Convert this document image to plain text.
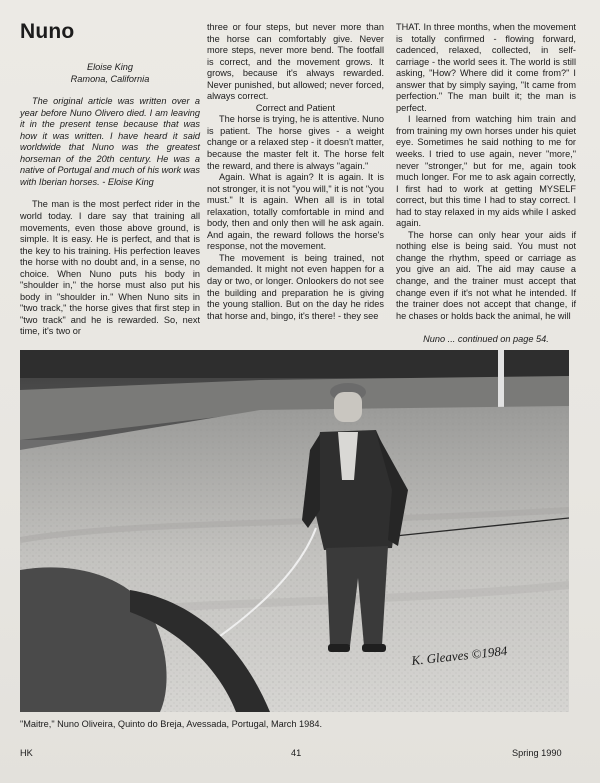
Nuno

Eloise King

Ramona, California

The original article was written over a year before Nuno Olivero died. I am leaving it in the present tense because that was how it was written. I have heard it said worldwide that Nuno was the greatest horseman of the 20th century. He was a native of Portugal and much of his work was with Iberian horses. - Eloise King

The man is the most perfect rider in the world today. I dare say that training all movements, even those above ground, is simple. It is easy. He is perfect, and that is the key to his training. His perfection leaves the horse with no doubt and, in a sense, no choice. When Nuno puts his body in "shoulder in," the horse must also put his body in "shoulder in." When Nuno sits in "two track," the horse gives that first step in "two track" and he is rewarded. So, next time, it's two or

three or four steps, but never more than the horse can comfortably give. Never more steps, never more bend. The footfall is correct, and the movement grows. It grows, because it's always rewarded. Never punished, but allowed; never forced, always correct.

Correct and Patient

The horse is trying, he is attentive. Nuno is patient. The horse gives - a weight change or a relaxed step - it doesn't matter, because the master felt it. The horse felt the reward, and there is always "again."

Again. What is again? It is again. It is not stronger, it is not "you will," it is not "you must." It is again. When all is in total relaxation, totally comfortable in mind and body, then and only then will he ask again. And again, the reward follows the horse's response, not the movement.

The movement is being trained, not demanded. It might not even happen for a day or two, or longer. Onlookers do not see the building and preparation he is giving the young stallion. But on the day he rides that horse and, bingo, it's there! - they see

THAT. In three months, when the movement is totally confirmed - flowing forward, cadenced, relaxed, collected, in self-carriage - the world sees it. The world is still asking, "How? Where did it come from?" I answer that by simply saying, "It came from perfection." The man built it; the man is perfect.

I learned from watching him train and from training my own horses under his quiet eye. Sometimes he said nothing to me for weeks. I tried to use again, never "more," never "stronger," but for me, again took much longer. For me to ask again correctly, I first had to work at getting MYSELF correct, but this time I had to stay correct. I had to stay relaxed in my aids while I asked again.

The horse can only hear your aids if nothing else is being said. You must not change the rhythm, speed or carriage as you give an aid. The aid may cause a change, and the trainer must accept that change even if it's not what he intended. If the trainer does not accept that change, if he chases or holds back the animal, he will

Nuno ... continued on page 54.

K. Gleaves ©1984

"Maitre," Nuno Oliveira, Quinto do Breja, Avessada, Portugal, March 1984.

HK	41	Spring 1990
